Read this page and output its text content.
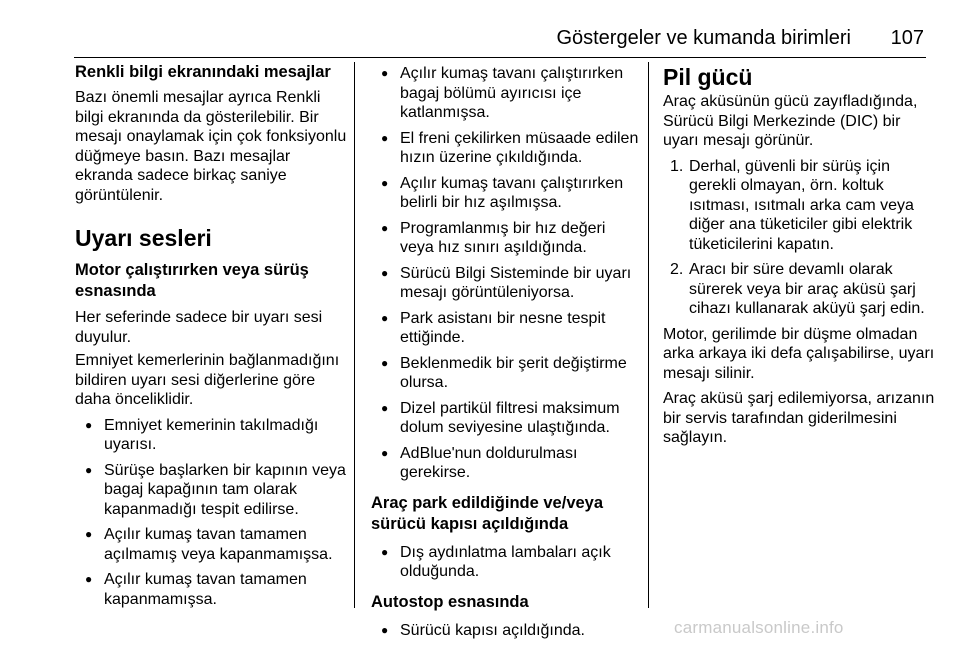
Göstergeler ve kumanda birimleri 107
Renkli bilgi ekranındaki mesajlar

Bazı önemli mesajlar ayrıca Renkli bilgi ekranında da gösterilebilir. Bir mesajı onaylamak için çok fonksiyonlu düğmeye basın. Bazı mesajlar ekranda sadece birkaç saniye görüntülenir.

Uyarı sesleri
Motor çalıştırırken veya sürüş esnasında

Her seferinde sadece bir uyarı sesi duyulur.

Emniyet kemerlerinin bağlanmadığını bildiren uyarı sesi diğerlerine göre daha önceliklidir.

● Emniyet kemerinin takılmadığı uyarısı.
● Sürüşe başlarken bir kapının veya bagaj kapağının tam olarak kapanmadığı tespit edilirse.
● Açılır kumaş tavan tamamen açılmamış veya kapanmamışsa.
● Açılır kumaş tavan tamamen kapanmamışsa.
● Açılır kumaş tavanı çalıştırırken bagaj bölümü ayırıcısı içe katlanmışsa.
● El freni çekilirken müsaade edilen hızın üzerine çıkıldığında.
● Açılır kumaş tavanı çalıştırırken belirli bir hız aşılmışsa.
● Programlanmış bir hız değeri veya hız sınırı aşıldığında.
● Sürücü Bilgi Sisteminde bir uyarı mesajı görüntüleniyorsa.
● Park asistanı bir nesne tespit ettiğinde.
● Beklenmedik bir şerit değiştirme olursa.
● Dizel partikül filtresi maksimum dolum seviyesine ulaştığında.
● AdBlue'nun doldurulması gerekirse.
Araç park edildiğinde ve/veya sürücü kapısı açıldığında
● Dış aydınlatma lambaları açık olduğunda.
Autostop esnasında
● Sürücü kapısı açıldığında.
Pil gücü

Araç aküsünün gücü zayıfladığında, Sürücü Bilgi Merkezinde (DIC) bir uyarı mesajı görünür.

1. Derhal, güvenli bir sürüş için gerekli olmayan, örn. koltuk ısıtması, ısıtmalı arka cam veya diğer ana tüketiciler gibi elektrik tüketicilerini kapatın.
2. Aracı bir süre devamlı olarak sürerek veya bir araç aküsü şarj cihazı kullanarak aküyü şarj edin.

Motor, gerilimde bir düşme olmadan arka arkaya iki defa çalışabilirse, uyarı mesajı silinir.

Araç aküsü şarj edilemiyorsa, arızanın bir servis tarafından giderilmesini sağlayın.

carmanualsonline.info
